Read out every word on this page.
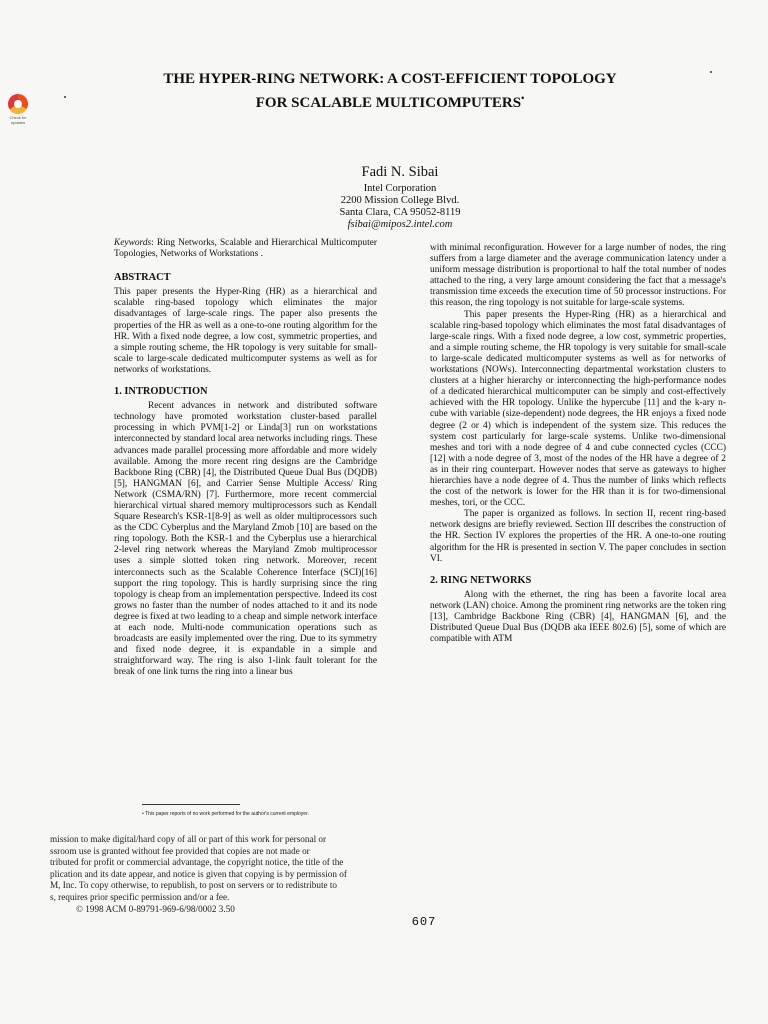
Check for updates
THE HYPER-RING NETWORK: A COST-EFFICIENT TOPOLOGY
FOR SCALABLE MULTICOMPUTERS•
Fadi N. Sibai
Intel Corporation
2200 Mission College Blvd.
Santa Clara, CA 95052-8119
fsibai@mipos2.intel.com

Keywords: Ring Networks, Scalable and Hierarchical Multicomputer Topologies, Networks of Workstations .

ABSTRACT

This paper presents the Hyper-Ring (HR) as a hierarchical and scalable ring-based topology which eliminates the major disadvantages of large-scale rings. The paper also presents the properties of the HR as well as a one-to-one routing algorithm for the HR. With a fixed node degree, a low cost, symmetric properties, and a simple routing scheme, the HR topology is very suitable for small-scale to large-scale dedicated multicomputer systems as well as for networks of workstations.

1. INTRODUCTION

Recent advances in network and distributed software technology have promoted workstation cluster-based parallel processing in which PVM[1-2] or Linda[3] run on workstations interconnected by standard local area networks including rings. These advances made parallel processing more affordable and more widely available. Among the more recent ring designs are the Cambridge Backbone Ring (CBR) [4], the Distributed Queue Dual Bus (DQDB) [5], HANGMAN [6], and Carrier Sense Multiple Access/ Ring Network (CSMA/RN) [7]. Furthermore, more recent commercial hierarchical virtual shared memory multiprocessors such as Kendall Square Research's KSR-1[8-9] as well as older multiprocessors such as the CDC Cyberplus and the Maryland Zmob [10] are based on the ring topology. Both the KSR-1 and the Cyberplus use a hierarchical 2-level ring network whereas the Maryland Zmob multiprocessor uses a simple slotted token ring network. Moreover, recent interconnects such as the Scalable Coherence Interface (SCI)[16] support the ring topology. This is hardly surprising since the ring topology is cheap from an implementation perspective. Indeed its cost grows no faster than the number of nodes attached to it and its node degree is fixed at two leading to a cheap and simple network interface at each node. Multi-node communication operations such as broadcasts are easily implemented over the ring. Due to its symmetry and fixed node degree, it is expandable in a simple and straightforward way. The ring is also 1-link fault tolerant for the break of one link turns the ring into a linear bus

with minimal reconfiguration. However for a large number of nodes, the ring suffers from a large diameter and the average communication latency under a uniform message distribution is proportional to half the total number of nodes attached to the ring, a very large amount considering the fact that a message's transmission time exceeds the execution time of 50 processor instructions. For this reason, the ring topology is not suitable for large-scale systems.

This paper presents the Hyper-Ring (HR) as a hierarchical and scalable ring-based topology which eliminates the most fatal disadvantages of large-scale rings. With a fixed node degree, a low cost, symmetric properties, and a simple routing scheme, the HR topology is very suitable for small-scale to large-scale dedicated multicomputer systems as well as for networks of workstations (NOWs). Interconnecting departmental workstation clusters to clusters at a higher hierarchy or interconnecting the high-performance nodes of a dedicated hierarchical multicomputer can be simply and cost-effectively achieved with the HR topology. Unlike the hypercube [11] and the k-ary n-cube with variable (size-dependent) node degrees, the HR enjoys a fixed node degree (2 or 4) which is independent of the system size. This reduces the system cost particularly for large-scale systems. Unlike two-dimensional meshes and tori with a node degree of 4 and cube connected cycles (CCC) [12] with a node degree of 3, most of the nodes of the HR have a degree of 2 as in their ring counterpart. However nodes that serve as gateways to higher hierarchies have a node degree of 4. Thus the number of links which reflects the cost of the network is lower for the HR than it is for two-dimensional meshes, tori, or the CCC.

The paper is organized as follows. In section II, recent ring-based network designs are briefly reviewed. Section III describes the construction of the HR. Section IV explores the properties of the HR. A one-to-one routing algorithm for the HR is presented in section V. The paper concludes in section VI.

2. RING NETWORKS

Along with the ethernet, the ring has been a favorite local area network (LAN) choice. Among the prominent ring networks are the token ring [13], Cambridge Backbone Ring (CBR) [4], HANGMAN [6], and the Distributed Queue Dual Bus (DQDB aka IEEE 802.6) [5], some of which are compatible with ATM

• This paper reports of no work performed for the author's current employer.
mission to make digital/hard copy of all or part of this work for personal or
ssroom use is granted without fee provided that copies are not made or
tributed for profit or commercial advantage, the copyright notice, the title of the
plication and its date appear, and notice is given that copying is by permission of
M, Inc. To copy otherwise, to republish, to post on servers or to redistribute to
s, requires prior specific permission and/or a fee.
© 1998 ACM 0-89791-969-6/98/0002 3.50
607
